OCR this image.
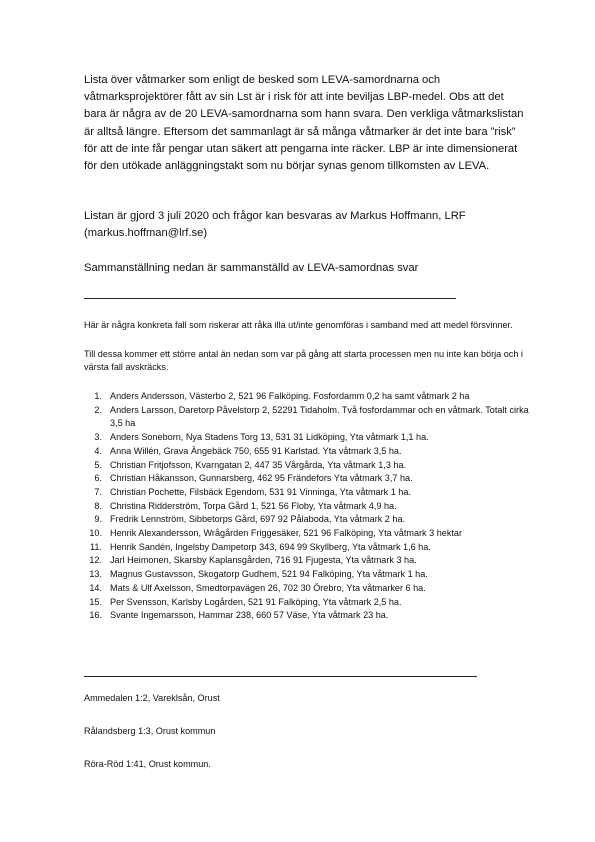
Lista över våtmarker som enligt de besked som LEVA-samordnarna och våtmarksprojektörer fått av sin Lst är i risk för att inte beviljas LBP-medel. Obs att det bara är några av de 20 LEVA-samordnarna som hann svara. Den verkliga våtmarkslistan är alltså längre. Eftersom det sammanlagt är så många våtmarker är det inte bara ”risk” för att de inte får pengar utan säkert att pengarna inte räcker. LBP är inte dimensionerat för den utökade anläggningstakt som nu börjar synas genom tillkomsten av LEVA.

Listan är gjord 3 juli 2020 och frågor kan besvaras av Markus Hoffmann, LRF (markus.hoffman@lrf.se)

Sammanställning nedan är sammanställd av LEVA-samordnas svar

Här är några konkreta fall som riskerar att råka illa ut/inte genomföras i samband med att medel försvinner.

Till dessa kommer ett större antal än nedan som var på gång att starta processen men nu inte kan börja och i värsta fall avskräcks.

1. Anders Andersson, Västerbo 2, 521 96 Falköping. Fosfordamm 0,2 ha samt våtmark 2 ha
2. Anders Larsson, Daretorp Påvelstorp 2, 52291 Tidaholm. Två fosfordammar och en våtmark. Totalt cirka 3,5 ha
3. Anders Soneborn, Nya Stadens Torg 13, 531 31 Lidköping, Yta våtmark 1,1 ha.
4. Anna Willén, Grava Ängebäck 750, 655 91 Karlstad. Yta våtmark 3,5 ha.
5. Christian Fritjofsson, Kvarngatan 2, 447 35 Vårgårda, Yta våtmark 1,3 ha.
6. Christian Håkansson, Gunnarsberg, 462 95 Frändefors Yta våtmark 3,7 ha.
7. Christian Pochette, Filsbäck Egendom, 531 91 Vinninga, Yta våtmark 1 ha.
8. Christina Ridderström, Torpa Gård 1, 521 56 Floby, Yta våtmark 4,9 ha.
9. Fredrik Lennström, Sibbetorps Gård, 697 92 Pålaboda, Yta våtmark 2 ha.
10. Henrik Alexandersson, Wrågården Friggesäker, 521 96 Falköping, Yta våtmark 3 hektar
11. Henrik Sandén, Ingelsby Dampetorp 343, 694 99 Skyllberg, Yta våtmark 1,6 ha.
12. Jarl Heimonen, Skarsby Kaplansgården, 716 91 Fjugesta, Yta våtmark 3 ha.
13. Magnus Gustavsson, Skogatorp Gudhem, 521 94 Falköping, Yta våtmark 1 ha.
14. Mats & Ulf Axelsson, Smedtorpavägen 26, 702 30 Örebro, Yta våtmarker 6 ha.
15. Per Svensson, Karlsby Logården, 521 91 Falköping, Yta våtmark 2,5 ha.
16. Svante Ingemarsson, Hammar 238, 660 57 Väse, Yta våtmark 23 ha.

Ammedalen 1:2, Vareklsån, Orust

Rålandsberg 1:3, Orust kommun

Röra-Röd 1:41, Orust kommun.
